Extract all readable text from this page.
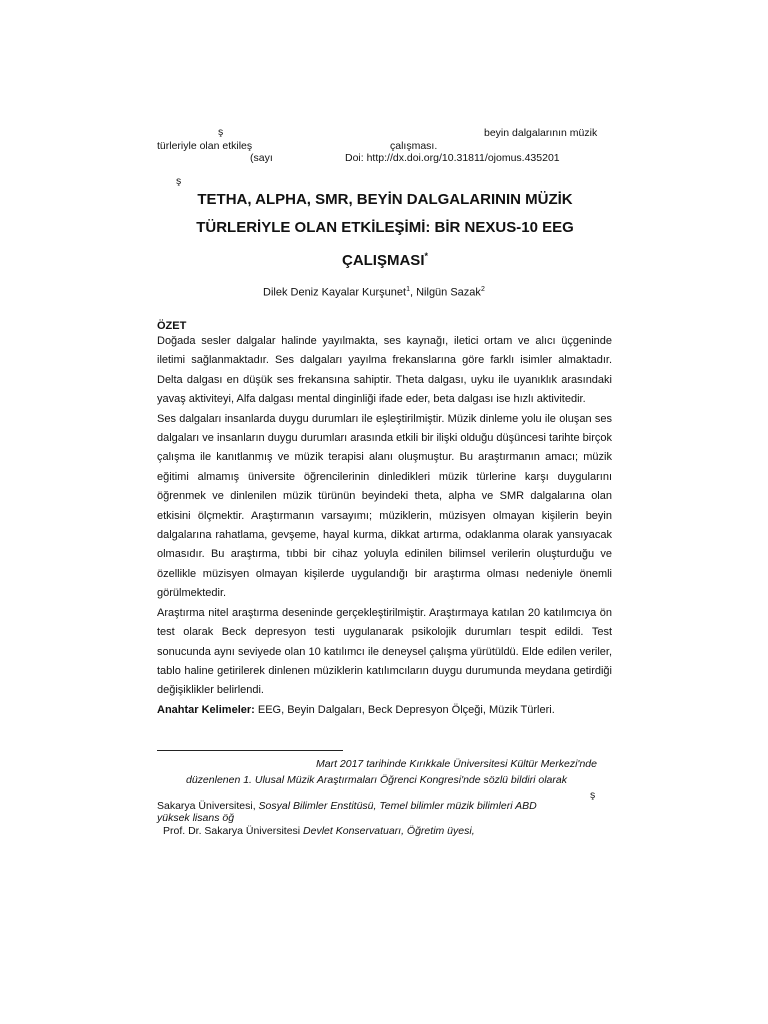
ş	beyin dalgalarının müzik
türleriyle olan etkileş	çalışması.
(sayı	Doi: http://dx.doi.org/10.31811/ojomus.435201
ş
TETHA, ALPHA, SMR, BEYİN DALGALARININ MÜZİK
TÜRLERİYLE OLAN ETKİLEŞİMİ: BİR NEXUS-10 EEG
ÇALIŞMASI*
Dilek Deniz Kayalar Kurşunet$^1$, Nilgün Sazak$^2$
ÖZET

Doğada sesler dalgalar halinde yayılmakta, ses kaynağı, iletici ortam ve alıcı üçgeninde iletimi sağlanmaktadır. Ses dalgaları yayılma frekanslarına göre farklı isimler almaktadır. Delta dalgası en düşük ses frekansına sahiptir. Theta dalgası, uyku ile uyanıklık arasındaki yavaş aktiviteyi, Alfa dalgası mental dinginliği ifade eder, beta dalgası ise hızlı aktivitedir.

Ses dalgaları insanlarda duygu durumları ile eşleştirilmiştir. Müzik dinleme yolu ile oluşan ses dalgaları ve insanların duygu durumları arasında etkili bir ilişki olduğu düşüncesi tarihte birçok çalışma ile kanıtlanmış ve müzik terapisi alanı oluşmuştur. Bu araştırmanın amacı; müzik eğitimi almamış üniversite öğrencilerinin dinledikleri müzik türlerine karşı duygularını öğrenmek ve dinlenilen müzik türünün beyindeki theta, alpha ve SMR dalgalarına olan etkisini ölçmektir. Araştırmanın varsayımı; müziklerin, müzisyen olmayan kişilerin beyin dalgalarına rahatlama, gevşeme, hayal kurma, dikkat artırma, odaklanma olarak yansıyacak olmasıdır. Bu araştırma, tıbbi bir cihaz yoluyla edinilen bilimsel verilerin oluşturduğu ve özellikle müzisyen olmayan kişilerde uygulandığı bir araştırma olması nedeniyle önemli görülmektedir.

Araştırma nitel araştırma deseninde gerçekleştirilmiştir. Araştırmaya katılan 20 katılımcıya ön test olarak Beck depresyon testi uygulanarak psikolojik durumları tespit edildi. Test sonucunda aynı seviyede olan 10 katılımcı ile deneysel çalışma yürütüldü. Elde edilen veriler, tablo haline getirilerek dinlenen müziklerin katılımcıların duygu durumunda meydana getirdiği değişiklikler belirlendi.

Anahtar Kelimeler: EEG, Beyin Dalgaları, Beck Depresyon Ölçeği, Müzik Türleri.

Mart 2017 tarihinde Kırıkkale Üniversitesi Kültür Merkezi'nde
düzenlenen 1. Ulusal Müzik Araştırmaları Öğrenci Kongresi'nde sözlü bildiri olarak
ş
Sakarya Üniversitesi, Sosyal Bilimler Enstitüsü, Temel bilimler müzik bilimleri ABD
yüksek lisans öğ
Prof. Dr. Sakarya Üniversitesi Devlet Konservatuarı, Öğretim üyesi,
